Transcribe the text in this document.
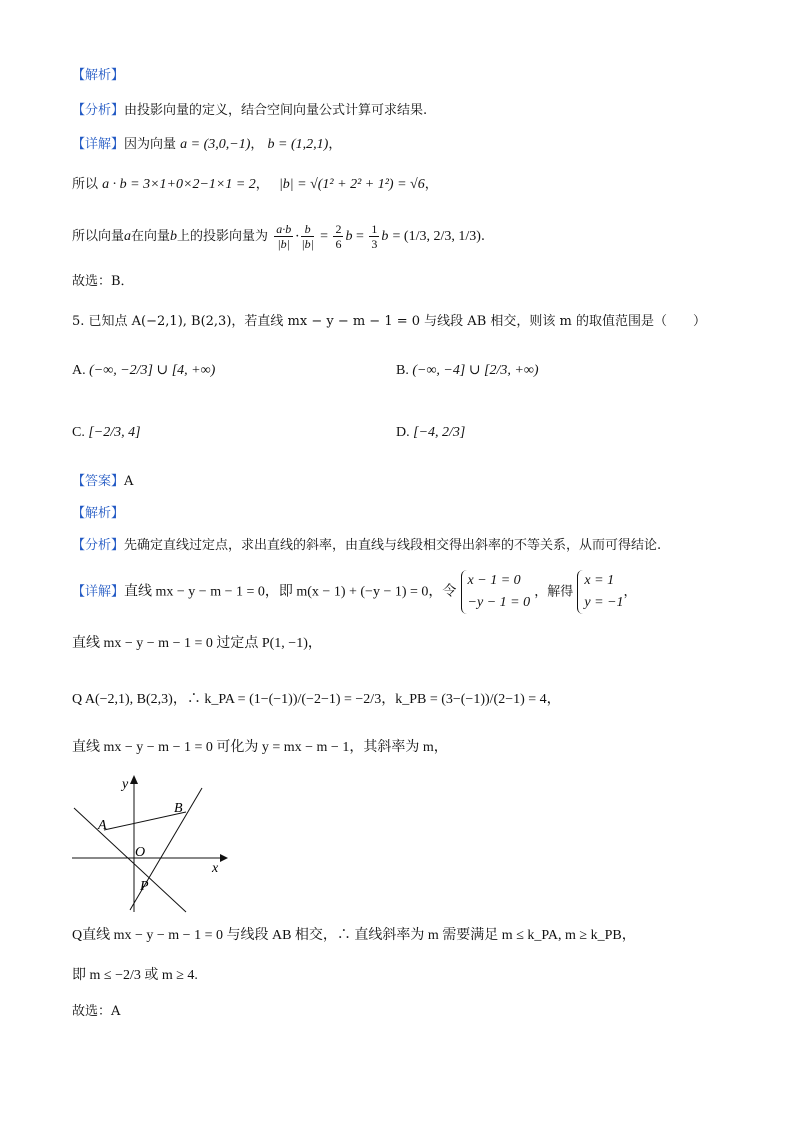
【解析】
【分析】由投影向量的定义，结合空间向量公式计算可求结果.
【详解】因为向量 a = (3,0,−1)， b = (1,2,1)，
所以 a · b = 3×1+0×2−1×1 = 2， |b| = √(1² + 2² + 1²) = √6，
所以向量a在向量b上的投影向量为 $\frac{a\cdot b}{|b|} \cdot \frac{b}{|b|} = \frac{2}{6}$ $b = \frac{1}{3}$ b = (1/3, 2/3, 1/3).
故选：B．
5. 已知点 A(−2,1), B(2,3)，若直线 mx − y − m − 1 = 0 与线段 AB 相交，则该 m 的取值范围是（　　）
A. (−∞, −2/3] ∪ [4, +∞)	B. (−∞, −4] ∪ [2/3, +∞)
C. [−2/3, 4]	D. [−4, 2/3]
【答案】A
【解析】
【分析】先确定直线过定点，求出直线的斜率，由直线与线段相交得出斜率的不等关系，从而可得结论.
【详解】直线 mx − y − m − 1 = 0，即 m(x − 1) + (−y − 1) = 0，令
x − 1 = 0
−y − 1 = 0
，解得
x = 1
y = −1
，
直线 mx − y − m − 1 = 0 过定点 P(1, −1)，
Q A(−2,1), B(2,3)，∴ k_PA = (1−(−1))/(−2−1) = −2/3，k_PB = (3−(−1))/(2−1) = 4，
直线 mx − y − m − 1 = 0 可化为 y = mx − m − 1，其斜率为 m，
y
x
A
B
O
P
Q直线 mx − y − m − 1 = 0 与线段 AB 相交，∴ 直线斜率为 m 需要满足 m ≤ k_PA, m ≥ k_PB，
即 m ≤ −2/3 或 m ≥ 4.
故选：A
